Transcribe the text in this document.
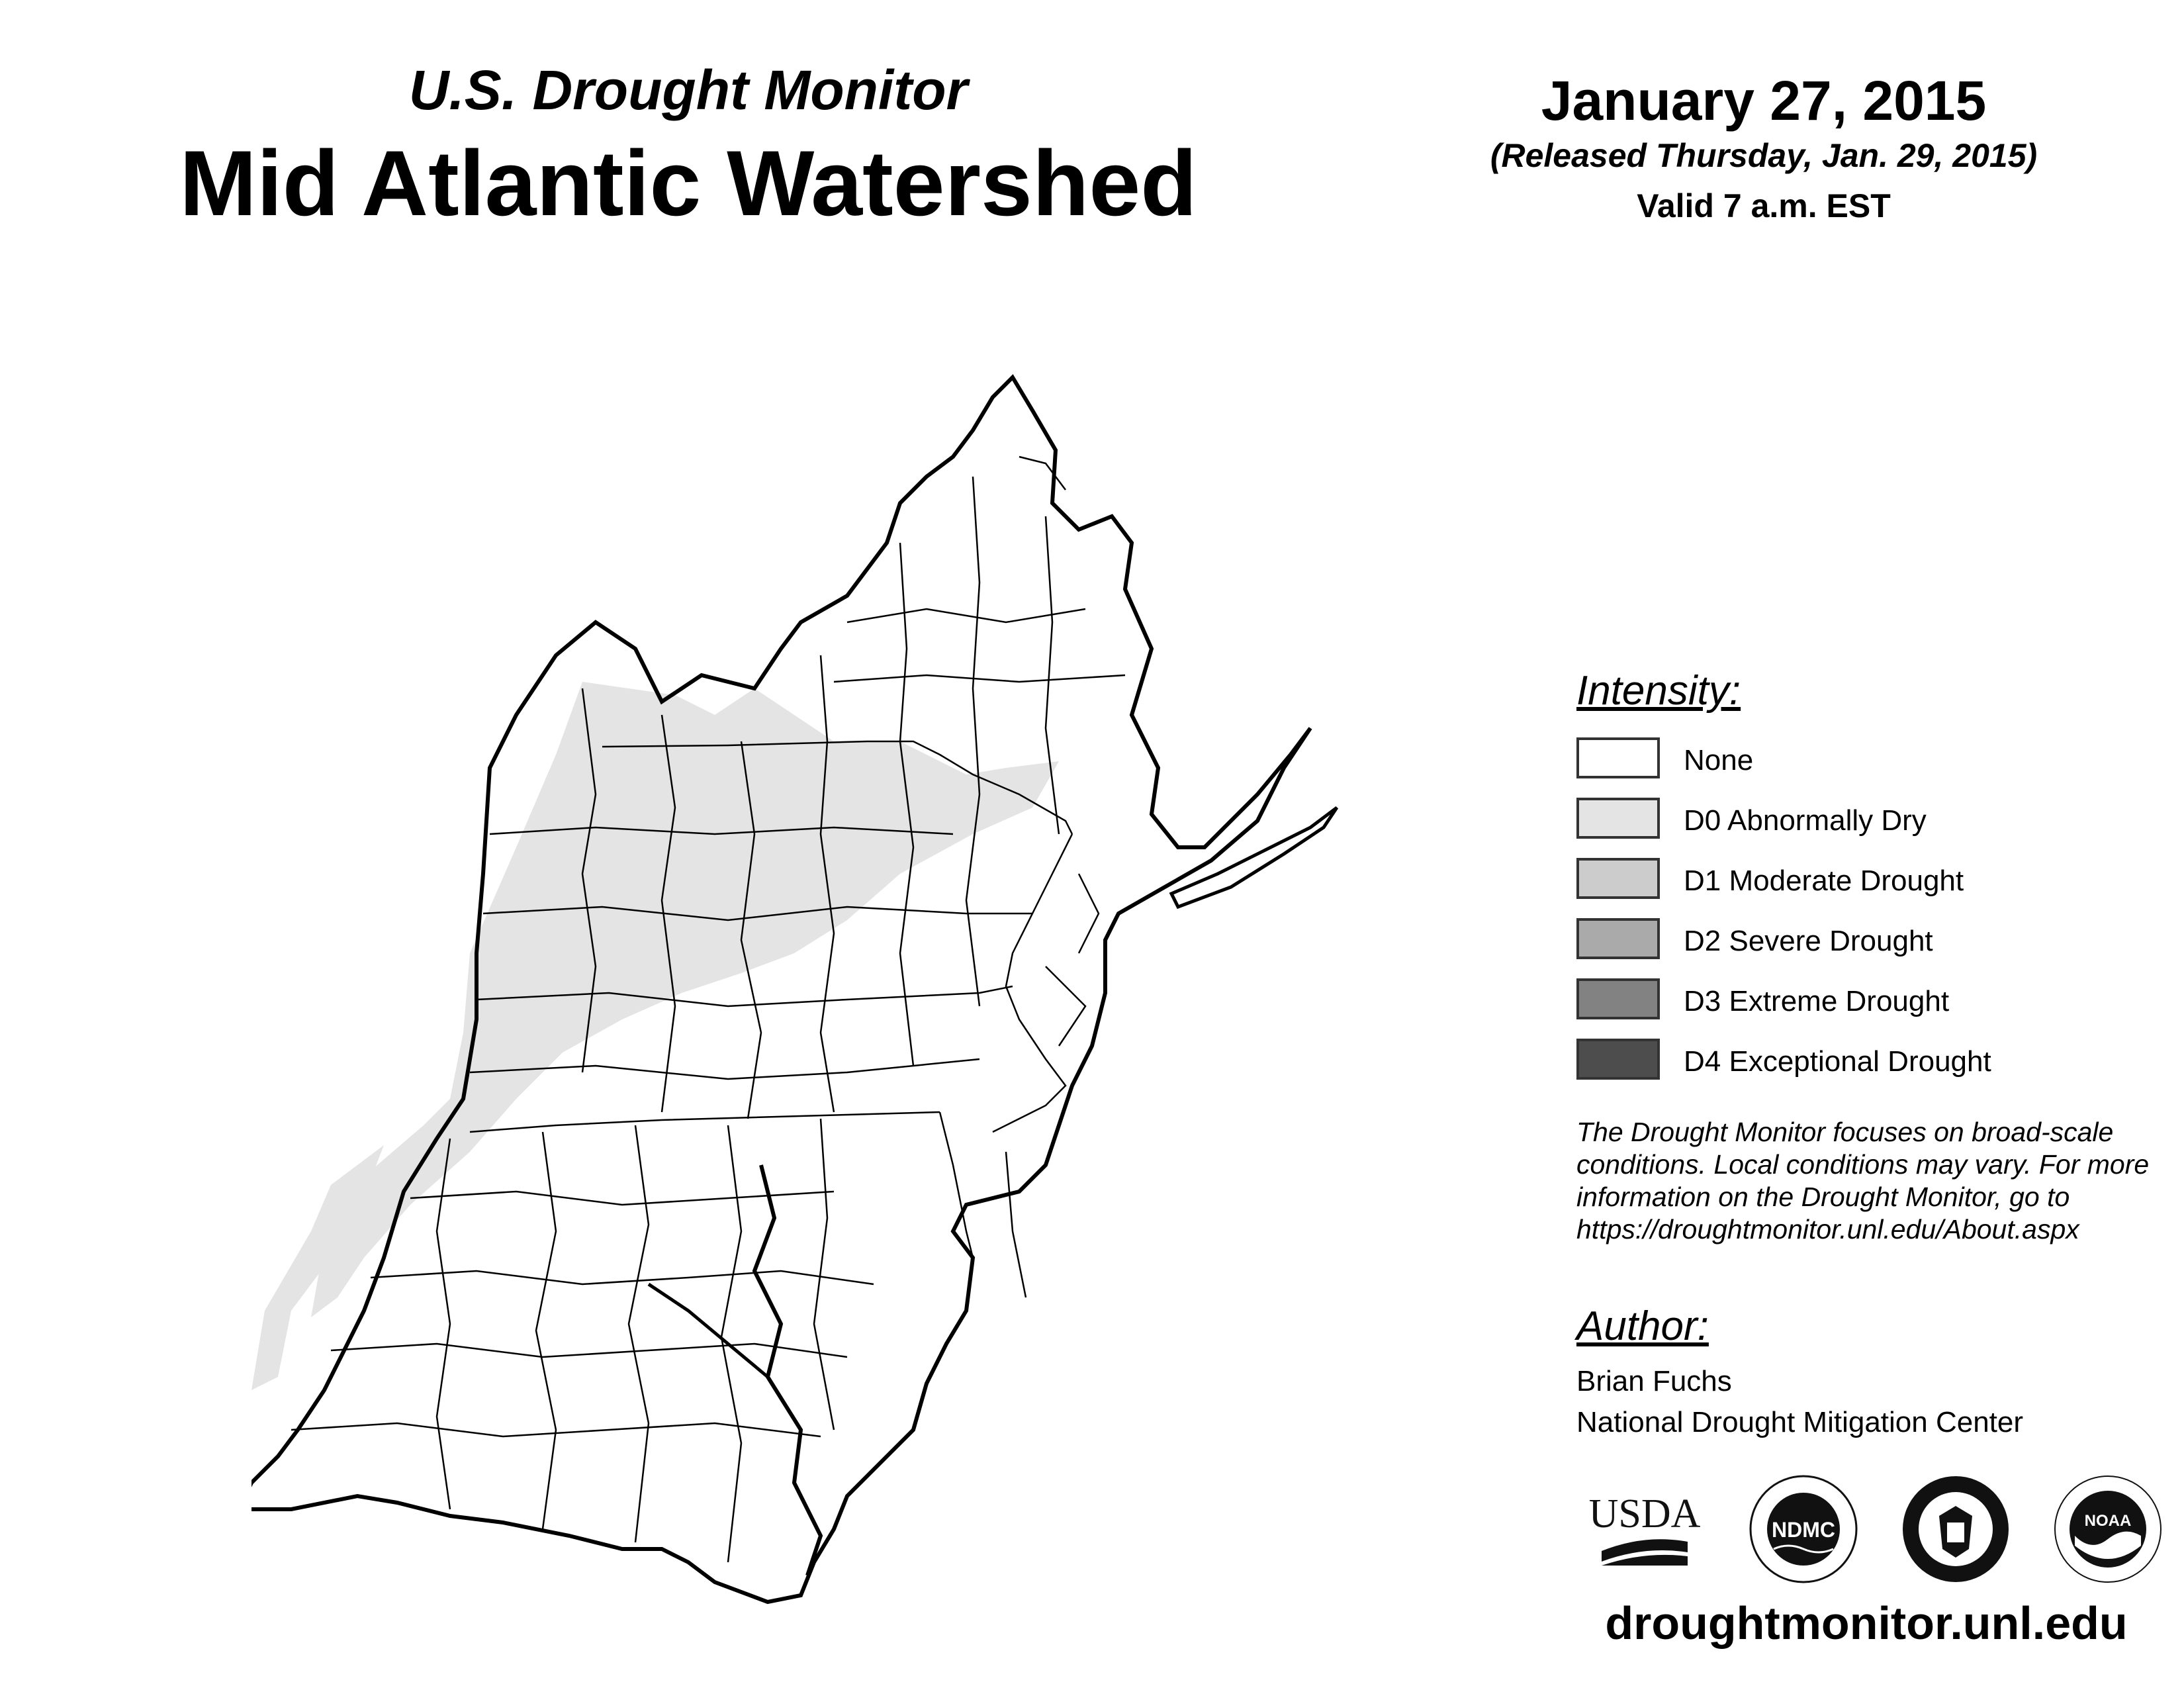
U.S. Drought Monitor
Mid Atlantic Watershed
January 27, 2015
(Released Thursday, Jan. 29, 2015)
Valid 7 a.m. EST
Intensity:
None
D0 Abnormally Dry
D1 Moderate Drought
D2 Severe Drought
D3 Extreme Drought
D4 Exceptional Drought
The Drought Monitor focuses on broad-scale conditions. Local conditions may vary. For more information on the Drought Monitor, go to https://droughtmonitor.unl.edu/About.aspx
Author:
Brian Fuchs
National Drought Mitigation Center
USDA	NDMC	NOAA
droughtmonitor.unl.edu
